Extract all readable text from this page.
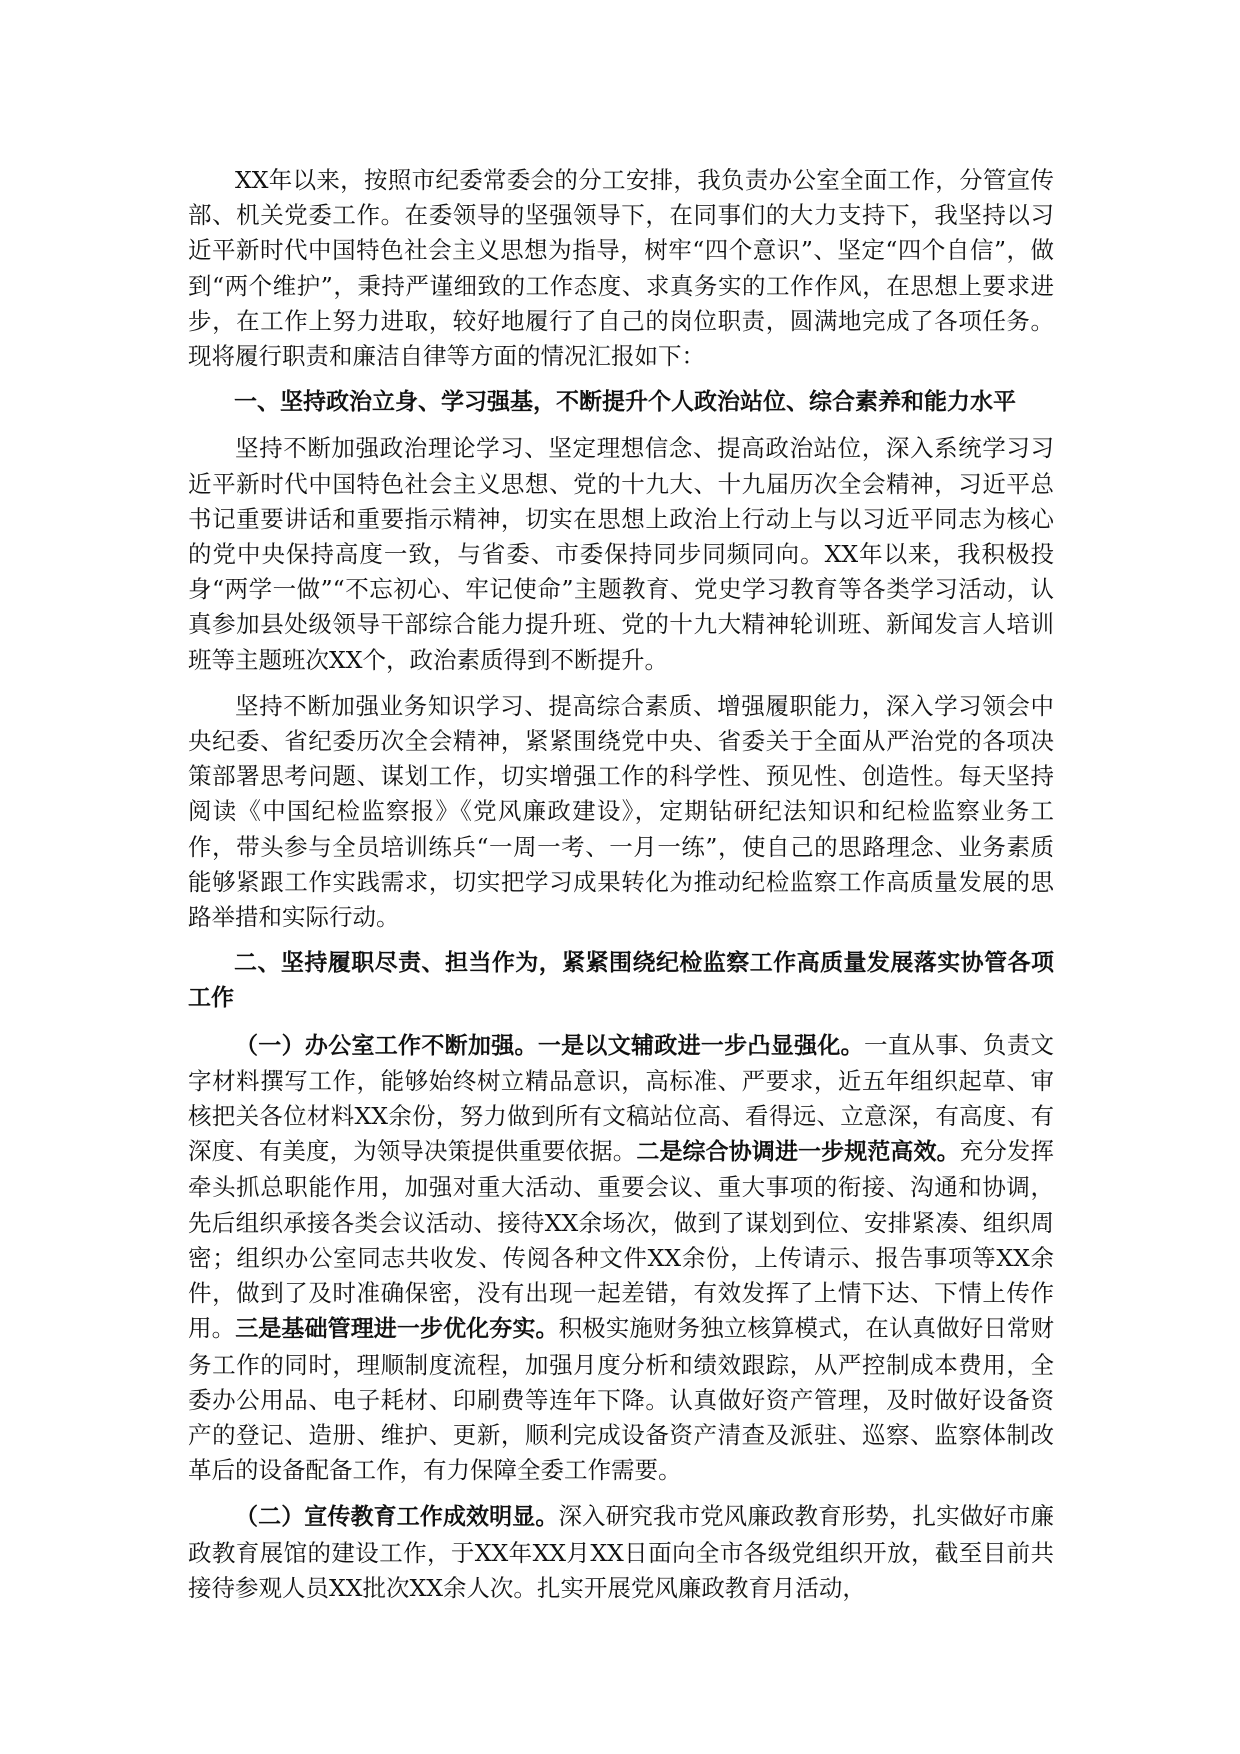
XX年以来，按照市纪委常委会的分工安排，我负责办公室全面工作，分管宣传部、机关党委工作。在委领导的坚强领导下，在同事们的大力支持下，我坚持以习近平新时代中国特色社会主义思想为指导，树牢“四个意识”、坚定“四个自信”，做到“两个维护”，秉持严谨细致的工作态度、求真务实的工作作风，在思想上要求进步，在工作上努力进取，较好地履行了自己的岗位职责，圆满地完成了各项任务。现将履行职责和廉洁自律等方面的情况汇报如下：

一、坚持政治立身、学习强基，不断提升个人政治站位、综合素养和能力水平

坚持不断加强政治理论学习、坚定理想信念、提高政治站位，深入系统学习习近平新时代中国特色社会主义思想、党的十九大、十九届历次全会精神，习近平总书记重要讲话和重要指示精神，切实在思想上政治上行动上与以习近平同志为核心的党中央保持高度一致，与省委、市委保持同步同频同向。XX年以来，我积极投身“两学一做”“不忘初心、牢记使命”主题教育、党史学习教育等各类学习活动，认真参加县处级领导干部综合能力提升班、党的十九大精神轮训班、新闻发言人培训班等主题班次XX个，政治素质得到不断提升。

坚持不断加强业务知识学习、提高综合素质、增强履职能力，深入学习领会中央纪委、省纪委历次全会精神，紧紧围绕党中央、省委关于全面从严治党的各项决策部署思考问题、谋划工作，切实增强工作的科学性、预见性、创造性。每天坚持阅读《中国纪检监察报》《党风廉政建设》，定期钻研纪法知识和纪检监察业务工作，带头参与全员培训练兵“一周一考、一月一练”，使自己的思路理念、业务素质能够紧跟工作实践需求，切实把学习成果转化为推动纪检监察工作高质量发展的思路举措和实际行动。

二、坚持履职尽责、担当作为，紧紧围绕纪检监察工作高质量发展落实协管各项工作

（一）办公室工作不断加强。一是以文辅政进一步凸显强化。一直从事、负责文字材料撰写工作，能够始终树立精品意识，高标准、严要求，近五年组织起草、审核把关各位材料XX余份，努力做到所有文稿站位高、看得远、立意深，有高度、有深度、有美度，为领导决策提供重要依据。二是综合协调进一步规范高效。充分发挥牵头抓总职能作用，加强对重大活动、重要会议、重大事项的衔接、沟通和协调，先后组织承接各类会议活动、接待XX余场次，做到了谋划到位、安排紧凑、组织周密；组织办公室同志共收发、传阅各种文件XX余份，上传请示、报告事项等XX余件，做到了及时准确保密，没有出现一起差错，有效发挥了上情下达、下情上传作用。三是基础管理进一步优化夯实。积极实施财务独立核算模式，在认真做好日常财务工作的同时，理顺制度流程，加强月度分析和绩效跟踪，从严控制成本费用，全委办公用品、电子耗材、印刷费等连年下降。认真做好资产管理，及时做好设备资产的登记、造册、维护、更新，顺利完成设备资产清查及派驻、巡察、监察体制改革后的设备配备工作，有力保障全委工作需要。

（二）宣传教育工作成效明显。深入研究我市党风廉政教育形势，扎实做好市廉政教育展馆的建设工作，于XX年XX月XX日面向全市各级党组织开放，截至目前共接待参观人员XX批次XX余人次。扎实开展党风廉政教育月活动，
